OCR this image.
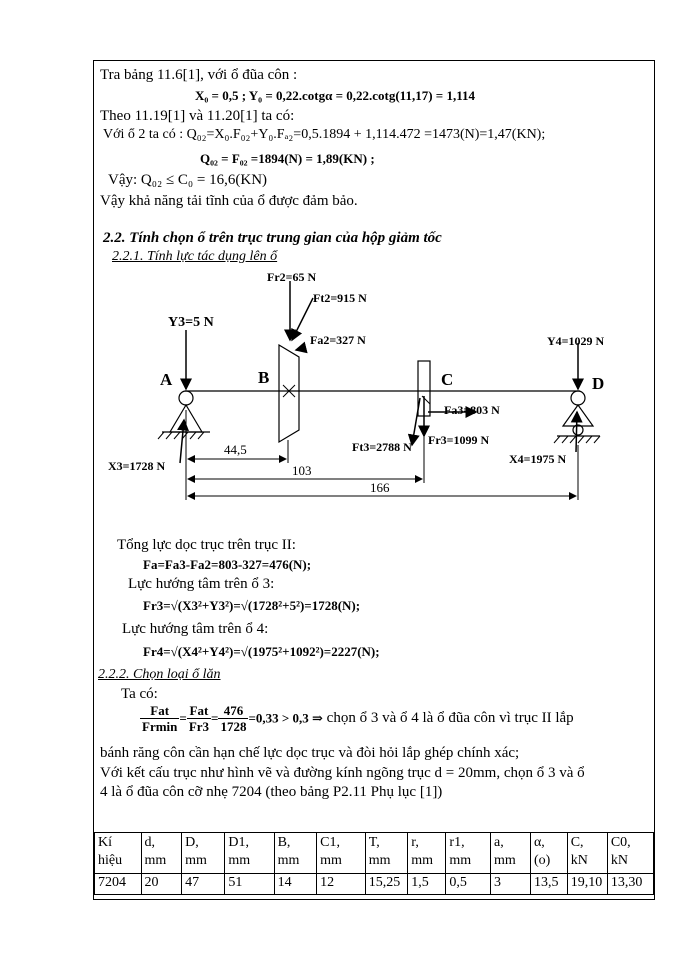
Tra bảng 11.6[1], với ổ đũa côn :
X₀ = 0,5 ; Y₀ = 0,22.cotgα = 0,22.cotg(11,17) = 1,114
Theo 11.19[1] và 11.20[1] ta có:
Với ổ 2 ta có : Q₀₂=X₀.F₀₂+Y₀.Fₐ₂=0,5.1894 + 1,114.472 =1473(N)=1,47(KN);
Q₀₂ = F₀₂ =1894(N) = 1,89(KN) ;
Vậy: Q₀₂ ≤ C₀ = 16,6(KN)
Vậy khả năng tải tĩnh của ổ được đảm bảo.
2.2. Tính chọn ổ trên trục trung gian của hộp giảm tốc
2.2.1. Tính lực tác dụng lên ổ
A	B	C	D
Fr2=65 N
Ft2=915 N
Fa2=327 N
Y3=5 N
Y4=1029 N
Fa3=803 N
Ft3=2788 N Fr3=1099 N
X3=1728 N	X4=1975 N
44,5
103
166
Tổng lực dọc trục trên trục II:
Fa=Fa3-Fa2=803-327=476(N);
Lực hướng tâm trên ổ 3:
Fr3=√(X3²+Y3²)=√(1728²+5²)=1728(N);
Lực hướng tâm trên ổ 4:
Fr4=√(X4²+Y4²)=√(1975²+1092²)=2227(N);
2.2.2. Chọn loại ổ lăn
Ta có:
$\frac{\text{Fat}}{Frmin} = \frac{\text{Fat}}{Fr3} = \frac{476}{1728} =0,33 > 0,3$ ⇒ chọn ổ 3 và ổ 4 là ổ đũa côn vì trục II lắp
bánh răng côn cần hạn chế lực dọc trục và đòi hỏi lắp ghép chính xác;
Với kết cấu trục như hình vẽ và đường kính ngõng trục d = 20mm, chọn ổ 3 và ổ
4 là ổ đũa côn cỡ nhẹ 7204 (theo bảng P2.11 Phụ lục [1])
Kí hiệu	d, mm	D, mm	D1, mm	B, mm	C1, mm	T, mm	r, mm	r1, mm	a, mm	α, (o)	C, kN	C0, kN
7204	20	47	51	14	12	15,25	1,5	0,5	3	13,5	19,10	13,30
